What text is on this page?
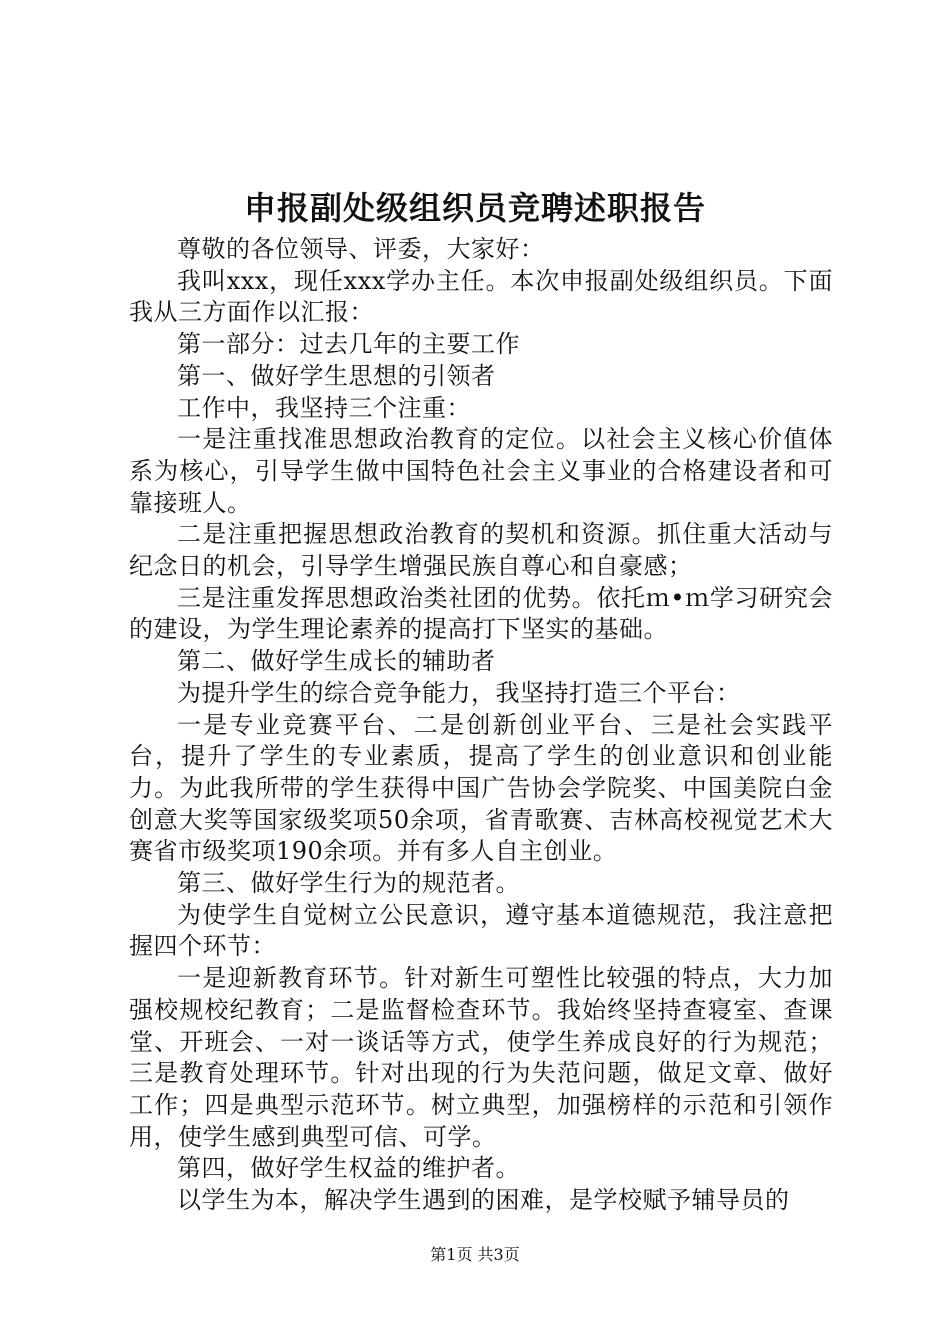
申报副处级组织员竞聘述职报告

尊敬的各位领导、评委，大家好：

我叫xxx，现任xxx学办主任。本次申报副处级组织员。下面我从三方面作以汇报：

第一部分：过去几年的主要工作

第一、做好学生思想的引领者

工作中，我坚持三个注重：

一是注重找准思想政治教育的定位。以社会主义核心价值体系为核心，引导学生做中国特色社会主义事业的合格建设者和可靠接班人。

二是注重把握思想政治教育的契机和资源。抓住重大活动与纪念日的机会，引导学生增强民族自尊心和自豪感；

三是注重发挥思想政治类社团的优势。依托ｍ•ｍ学习研究会的建设，为学生理论素养的提高打下坚实的基础。

第二、做好学生成长的辅助者

为提升学生的综合竞争能力，我坚持打造三个平台：

一是专业竞赛平台、二是创新创业平台、三是社会实践平台，提升了学生的专业素质，提高了学生的创业意识和创业能力。为此我所带的学生获得中国广告协会学院奖、中国美院白金创意大奖等国家级奖项50余项，省青歌赛、吉林高校视觉艺术大赛省市级奖项190余项。并有多人自主创业。

第三、做好学生行为的规范者。

为使学生自觉树立公民意识，遵守基本道德规范，我注意把握四个环节：

一是迎新教育环节。针对新生可塑性比较强的特点，大力加强校规校纪教育；二是监督检查环节。我始终坚持查寝室、查课堂、开班会、一对一谈话等方式，使学生养成良好的行为规范；三是教育处理环节。针对出现的行为失范问题，做足文章、做好工作；四是典型示范环节。树立典型，加强榜样的示范和引领作用，使学生感到典型可信、可学。

第四，做好学生权益的维护者。

以学生为本，解决学生遇到的困难，是学校赋予辅导员的

第1页 共3页
